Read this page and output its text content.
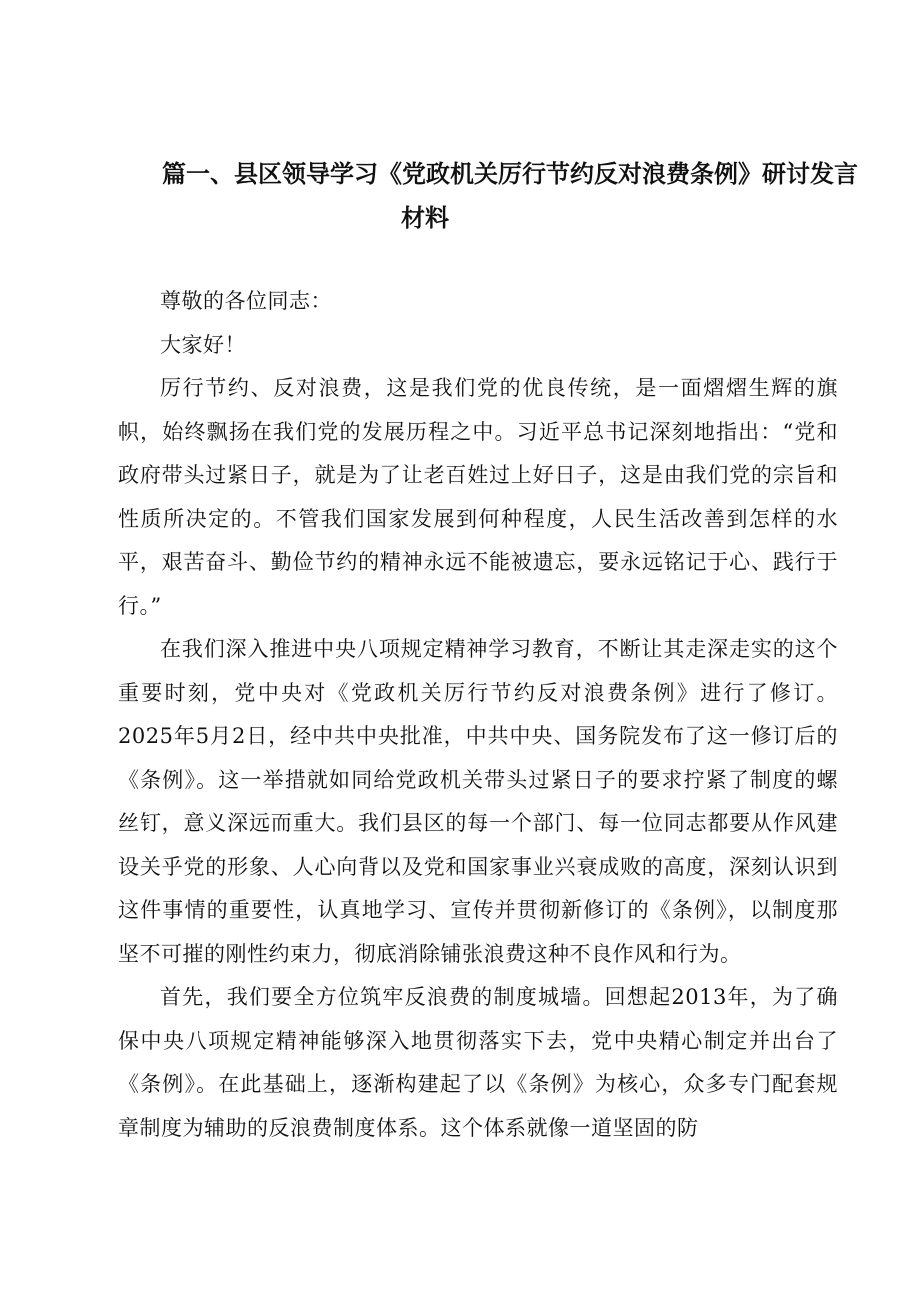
篇一、县区领导学习《党政机关厉行节约反对浪费条例》研讨发言
材料

尊敬的各位同志：

大家好！

厉行节约、反对浪费，这是我们党的优良传统，是一面熠熠生辉的旗帜，始终飘扬在我们党的发展历程之中。习近平总书记深刻地指出：“党和政府带头过紧日子，就是为了让老百姓过上好日子，这是由我们党的宗旨和性质所决定的。不管我们国家发展到何种程度，人民生活改善到怎样的水平，艰苦奋斗、勤俭节约的精神永远不能被遗忘，要永远铭记于心、践行于行。”

在我们深入推进中央八项规定精神学习教育，不断让其走深走实的这个重要时刻，党中央对《党政机关厉行节约反对浪费条例》进行了修订。2025年5月2日，经中共中央批准，中共中央、国务院发布了这一修订后的《条例》。这一举措就如同给党政机关带头过紧日子的要求拧紧了制度的螺丝钉，意义深远而重大。我们县区的每一个部门、每一位同志都要从作风建设关乎党的形象、人心向背以及党和国家事业兴衰成败的高度，深刻认识到这件事情的重要性，认真地学习、宣传并贯彻新修订的《条例》，以制度那坚不可摧的刚性约束力，彻底消除铺张浪费这种不良作风和行为。

首先，我们要全方位筑牢反浪费的制度城墙。回想起2013年，为了确保中央八项规定精神能够深入地贯彻落实下去，党中央精心制定并出台了《条例》。在此基础上，逐渐构建起了以《条例》为核心，众多专门配套规章制度为辅助的反浪费制度体系。这个体系就像一道坚固的防
